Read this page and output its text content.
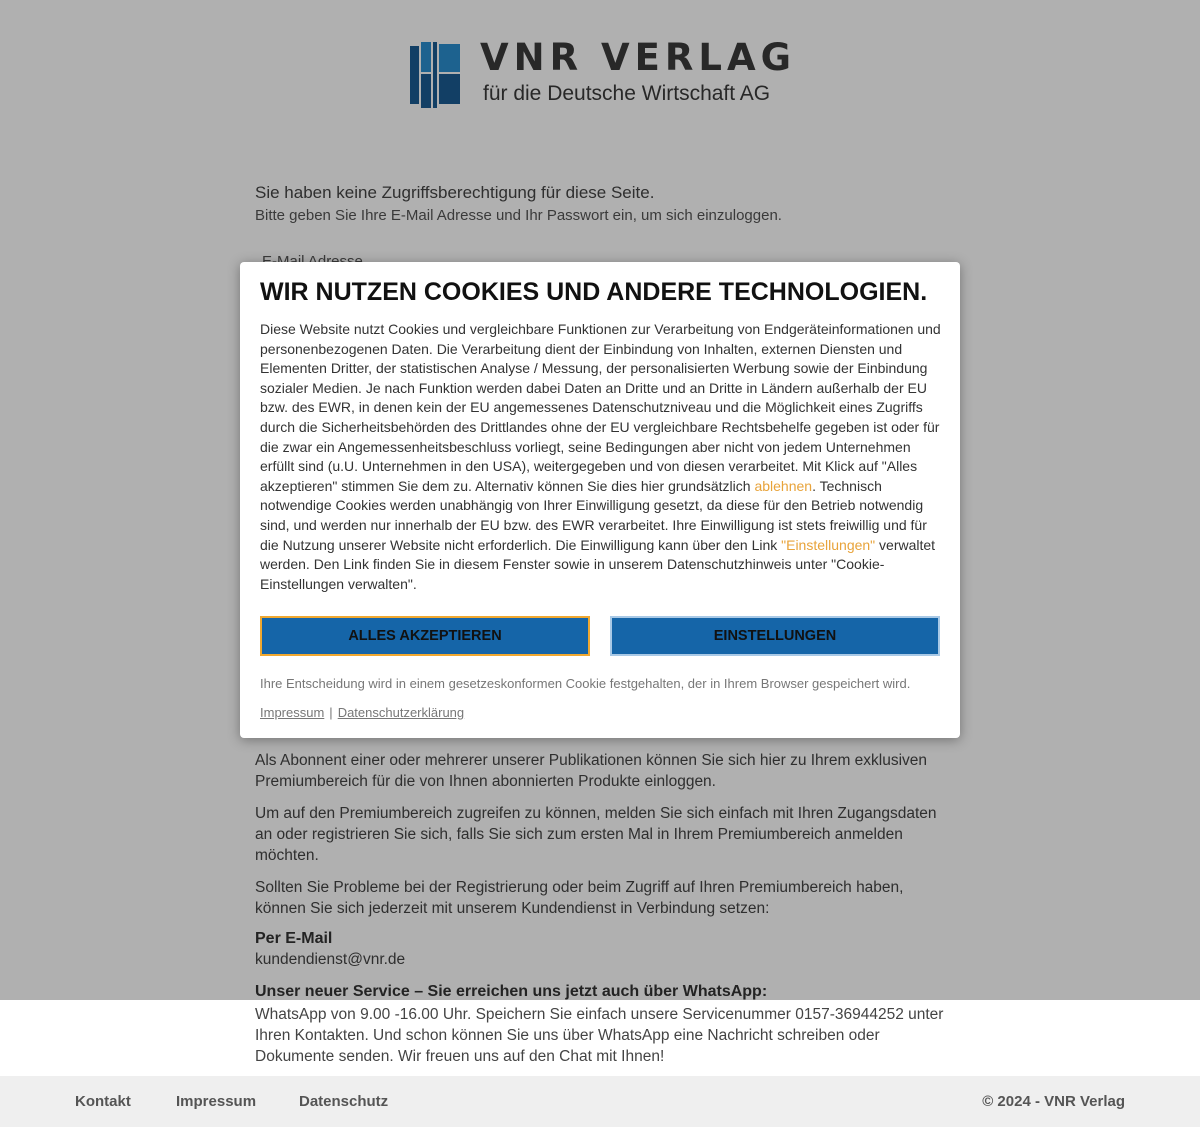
VNR VERLAG
für die Deutsche Wirtschaft AG
Sie haben keine Zugriffsberechtigung für diese Seite.
Bitte geben Sie Ihre E-Mail Adresse und Ihr Passwort ein, um sich einzuloggen.
Als Abonnent einer oder mehrerer unserer Publikationen können Sie sich hier zu Ihrem exklusiven Premiumbereich für die von Ihnen abonnierten Produkte einloggen.
Um auf den Premiumbereich zugreifen zu können, melden Sie sich einfach mit Ihren Zugangsdaten an oder registrieren Sie sich, falls Sie sich zum ersten Mal in Ihrem Premiumbereich anmelden möchten.
Sollten Sie Probleme bei der Registrierung oder beim Zugriff auf Ihren Premiumbereich haben, können Sie sich jederzeit mit unserem Kundendienst in Verbindung setzen:
Per E-Mail
kundendienst@vnr.de
Unser neuer Service – Sie erreichen uns jetzt auch über WhatsApp:
WhatsApp von 9.00 -16.00 Uhr. Speichern Sie einfach unsere Servicenummer 0157-36944252 unter Ihren Kontakten. Und schon können Sie uns über WhatsApp eine Nachricht schreiben oder Dokumente senden. Wir freuen uns auf den Chat mit Ihnen!
Kontakt	Impressum	Datenschutz	© 2024 - VNR Verlag
WIR NUTZEN COOKIES UND ANDERE TECHNOLOGIEN.
Diese Website nutzt Cookies und vergleichbare Funktionen zur Verarbeitung von Endgeräteinformationen und personenbezogenen Daten. Die Verarbeitung dient der Einbindung von Inhalten, externen Diensten und Elementen Dritter, der statistischen Analyse / Messung, der personalisierten Werbung sowie der Einbindung sozialer Medien. Je nach Funktion werden dabei Daten an Dritte und an Dritte in Ländern außerhalb der EU bzw. des EWR, in denen kein der EU angemessenes Datenschutzniveau und die Möglichkeit eines Zugriffs durch die Sicherheitsbehörden des Drittlandes ohne der EU vergleichbare Rechtsbehelfe gegeben ist oder für die zwar ein Angemessenheitsbeschluss vorliegt, seine Bedingungen aber nicht von jedem Unternehmen erfüllt sind (u.U. Unternehmen in den USA), weitergegeben und von diesen verarbeitet. Mit Klick auf "Alles akzeptieren" stimmen Sie dem zu. Alternativ können Sie dies hier grundsätzlich ablehnen. Technisch notwendige Cookies werden unabhängig von Ihrer Einwilligung gesetzt, da diese für den Betrieb notwendig sind, und werden nur innerhalb der EU bzw. des EWR verarbeitet. Ihre Einwilligung ist stets freiwillig und für die Nutzung unserer Website nicht erforderlich. Die Einwilligung kann über den Link "Einstellungen" verwaltet werden. Den Link finden Sie in diesem Fenster sowie in unserem Datenschutzhinweis unter "Cookie-Einstellungen verwalten".
ALLES AKZEPTIEREN	EINSTELLUNGEN
Ihre Entscheidung wird in einem gesetzeskonformen Cookie festgehalten, der in Ihrem Browser gespeichert wird.
Impressum | Datenschutzerklärung
